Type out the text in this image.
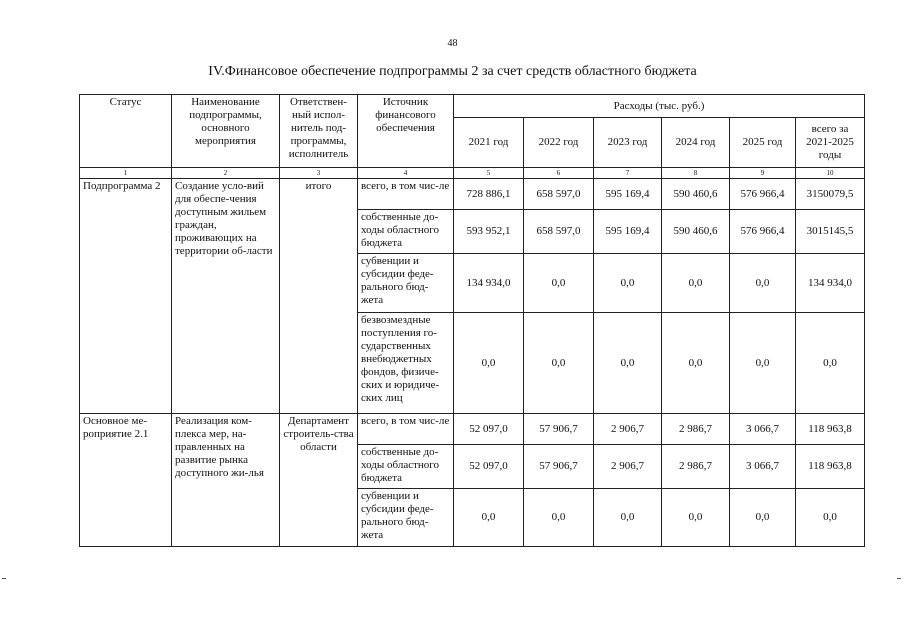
48
IV.Финансовое обеспечение подпрограммы 2 за счет средств областного бюджета
Статус	Наименование подпрограммы, основного мероприятия	Ответствен-ный испол-нитель под-программы, исполнитель	Источник финансового обеспечения	Расходы (тыс. руб.)					
				2021 год	2022 год	2023 год	2024 год	2025 год	всего за 2021-2025 годы
1	2	3	4	5	6	7	8	9	10
Подпрограмма 2	Создание усло-вий для обеспе-чения доступным жильем граждан, проживающих на территории об-ласти	итого	всего, в том чис-ле	728 886,1	658 597,0	595 169,4	590 460,6	576 966,4	3150079,5
			собственные до-ходы областного бюджета	593 952,1	658 597,0	595 169,4	590 460,6	576 966,4	3015145,5
			субвенции и субсидии феде-рального бюд-жета	134 934,0	0,0	0,0	0,0	0,0	134 934,0
			безвозмездные поступления го-сударственных внебюджетных фондов, физиче-ских и юридиче-ских лиц	0,0	0,0	0,0	0,0	0,0	0,0
Основное ме-роприятие 2.1	Реализация ком-плекса мер, на-правленных на развитие рынка доступного жи-лья	Департамент строитель-ства области	всего, в том чис-ле	52 097,0	57 906,7	2 906,7	2 986,7	3 066,7	118 963,8
			собственные до-ходы областного бюджета	52 097,0	57 906,7	2 906,7	2 986,7	3 066,7	118 963,8
			субвенции и субсидии феде-рального бюд-жета	0,0	0,0	0,0	0,0	0,0	0,0
